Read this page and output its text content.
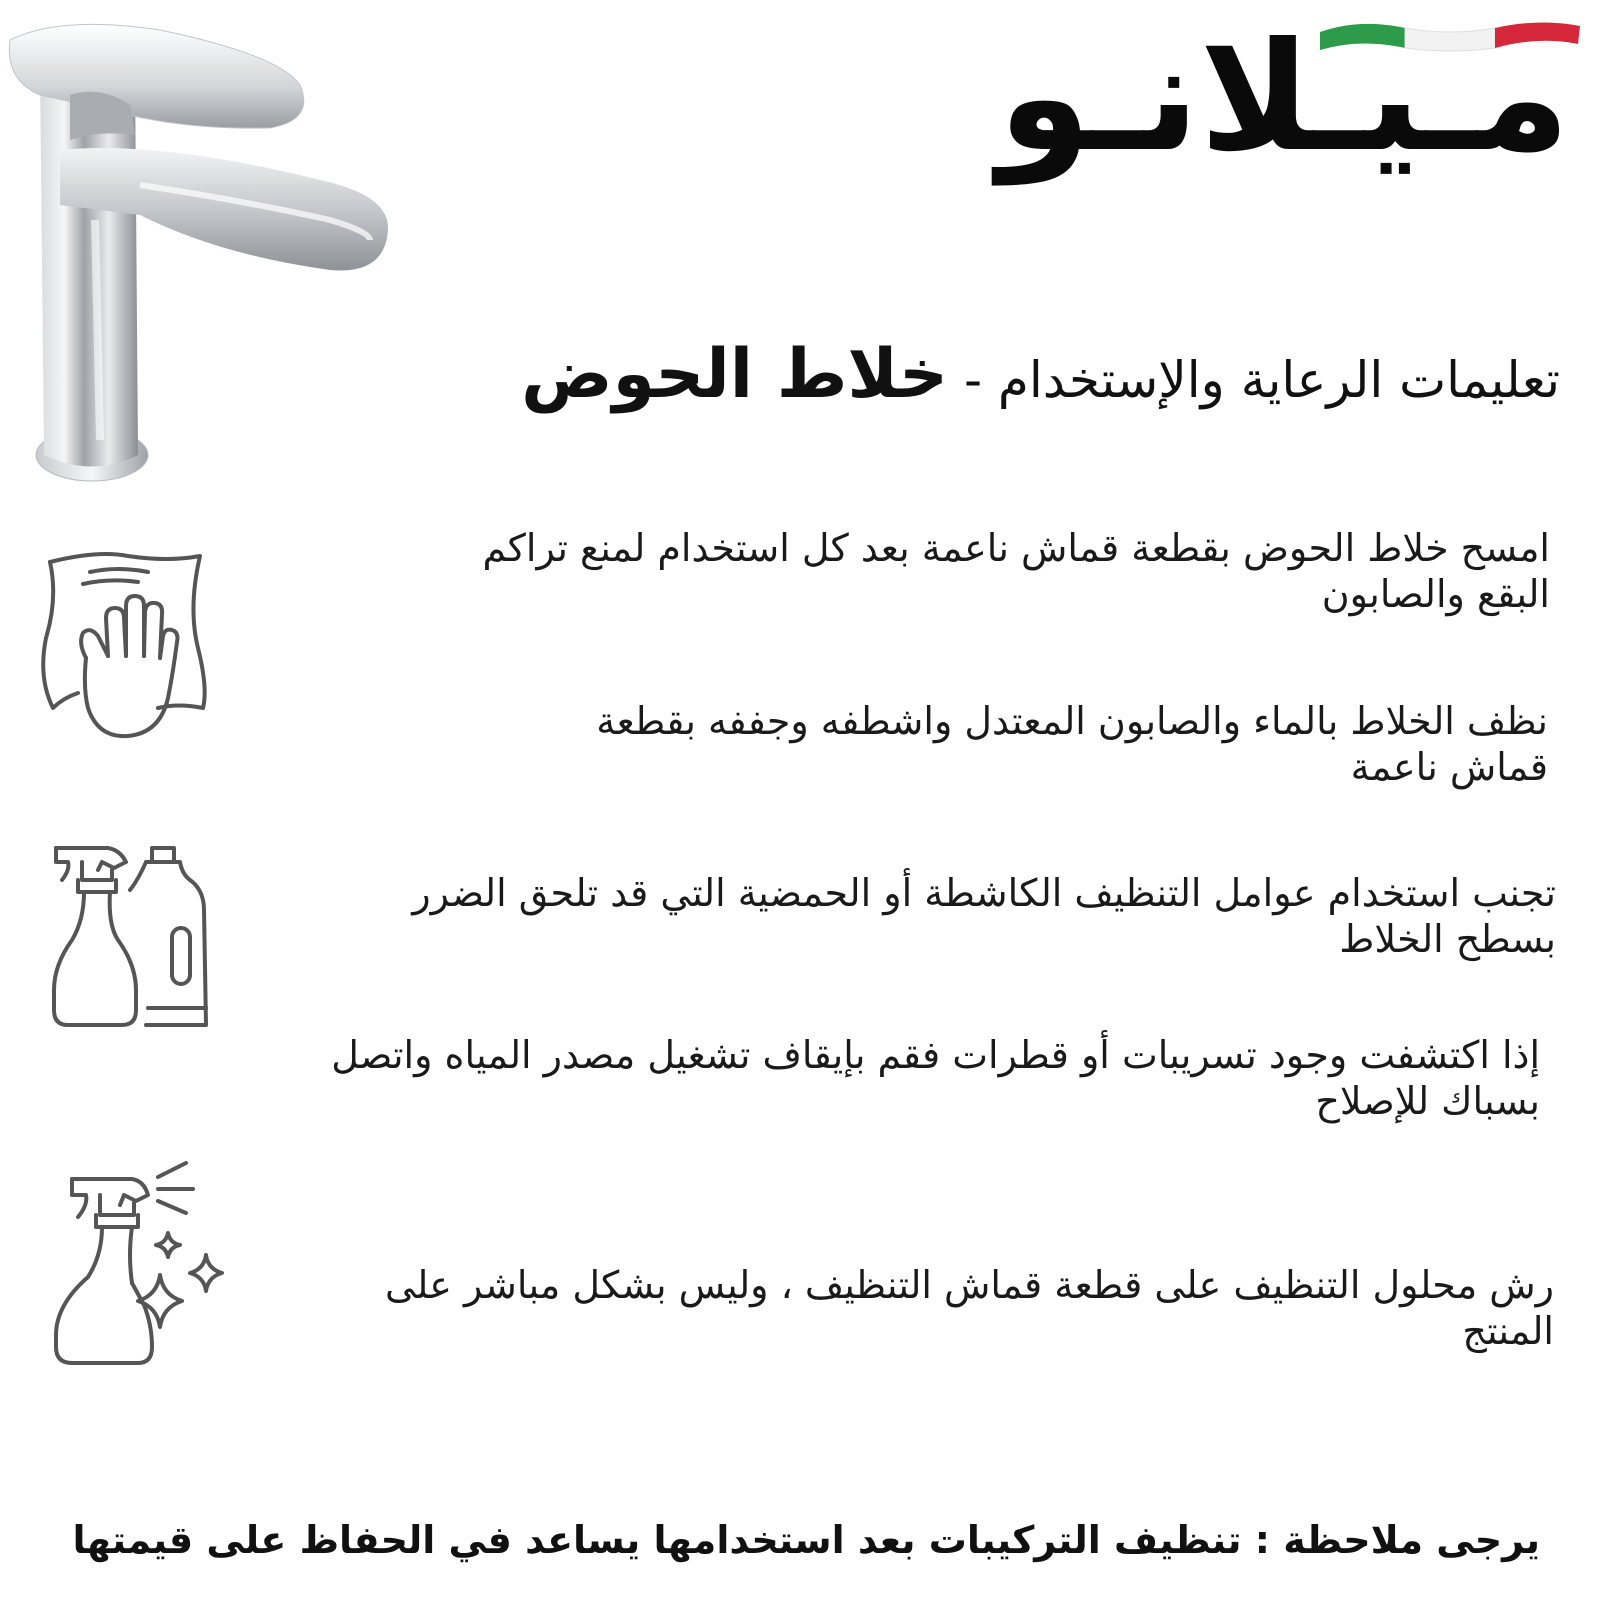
مـيـلانـو
تعليمات الرعاية والإستخدام - خلاط الحوض
امسح خلاط الحوض بقطعة قماش ناعمة بعد كل استخدام لمنع تراكم
البقع والصابون
نظف الخلاط بالماء والصابون المعتدل واشطفه وجففه بقطعة
قماش ناعمة
تجنب استخدام عوامل التنظيف الكاشطة أو الحمضية التي قد تلحق الضرر
بسطح الخلاط
إذا اكتشفت وجود تسريبات أو قطرات فقم بإيقاف تشغيل مصدر المياه واتصل
بسباك للإصلاح
رش محلول التنظيف على قطعة قماش التنظيف ، وليس بشكل مباشر على
المنتج
يرجى ملاحظة : تنظيف التركيبات بعد استخدامها يساعد في الحفاظ على قيمتها
